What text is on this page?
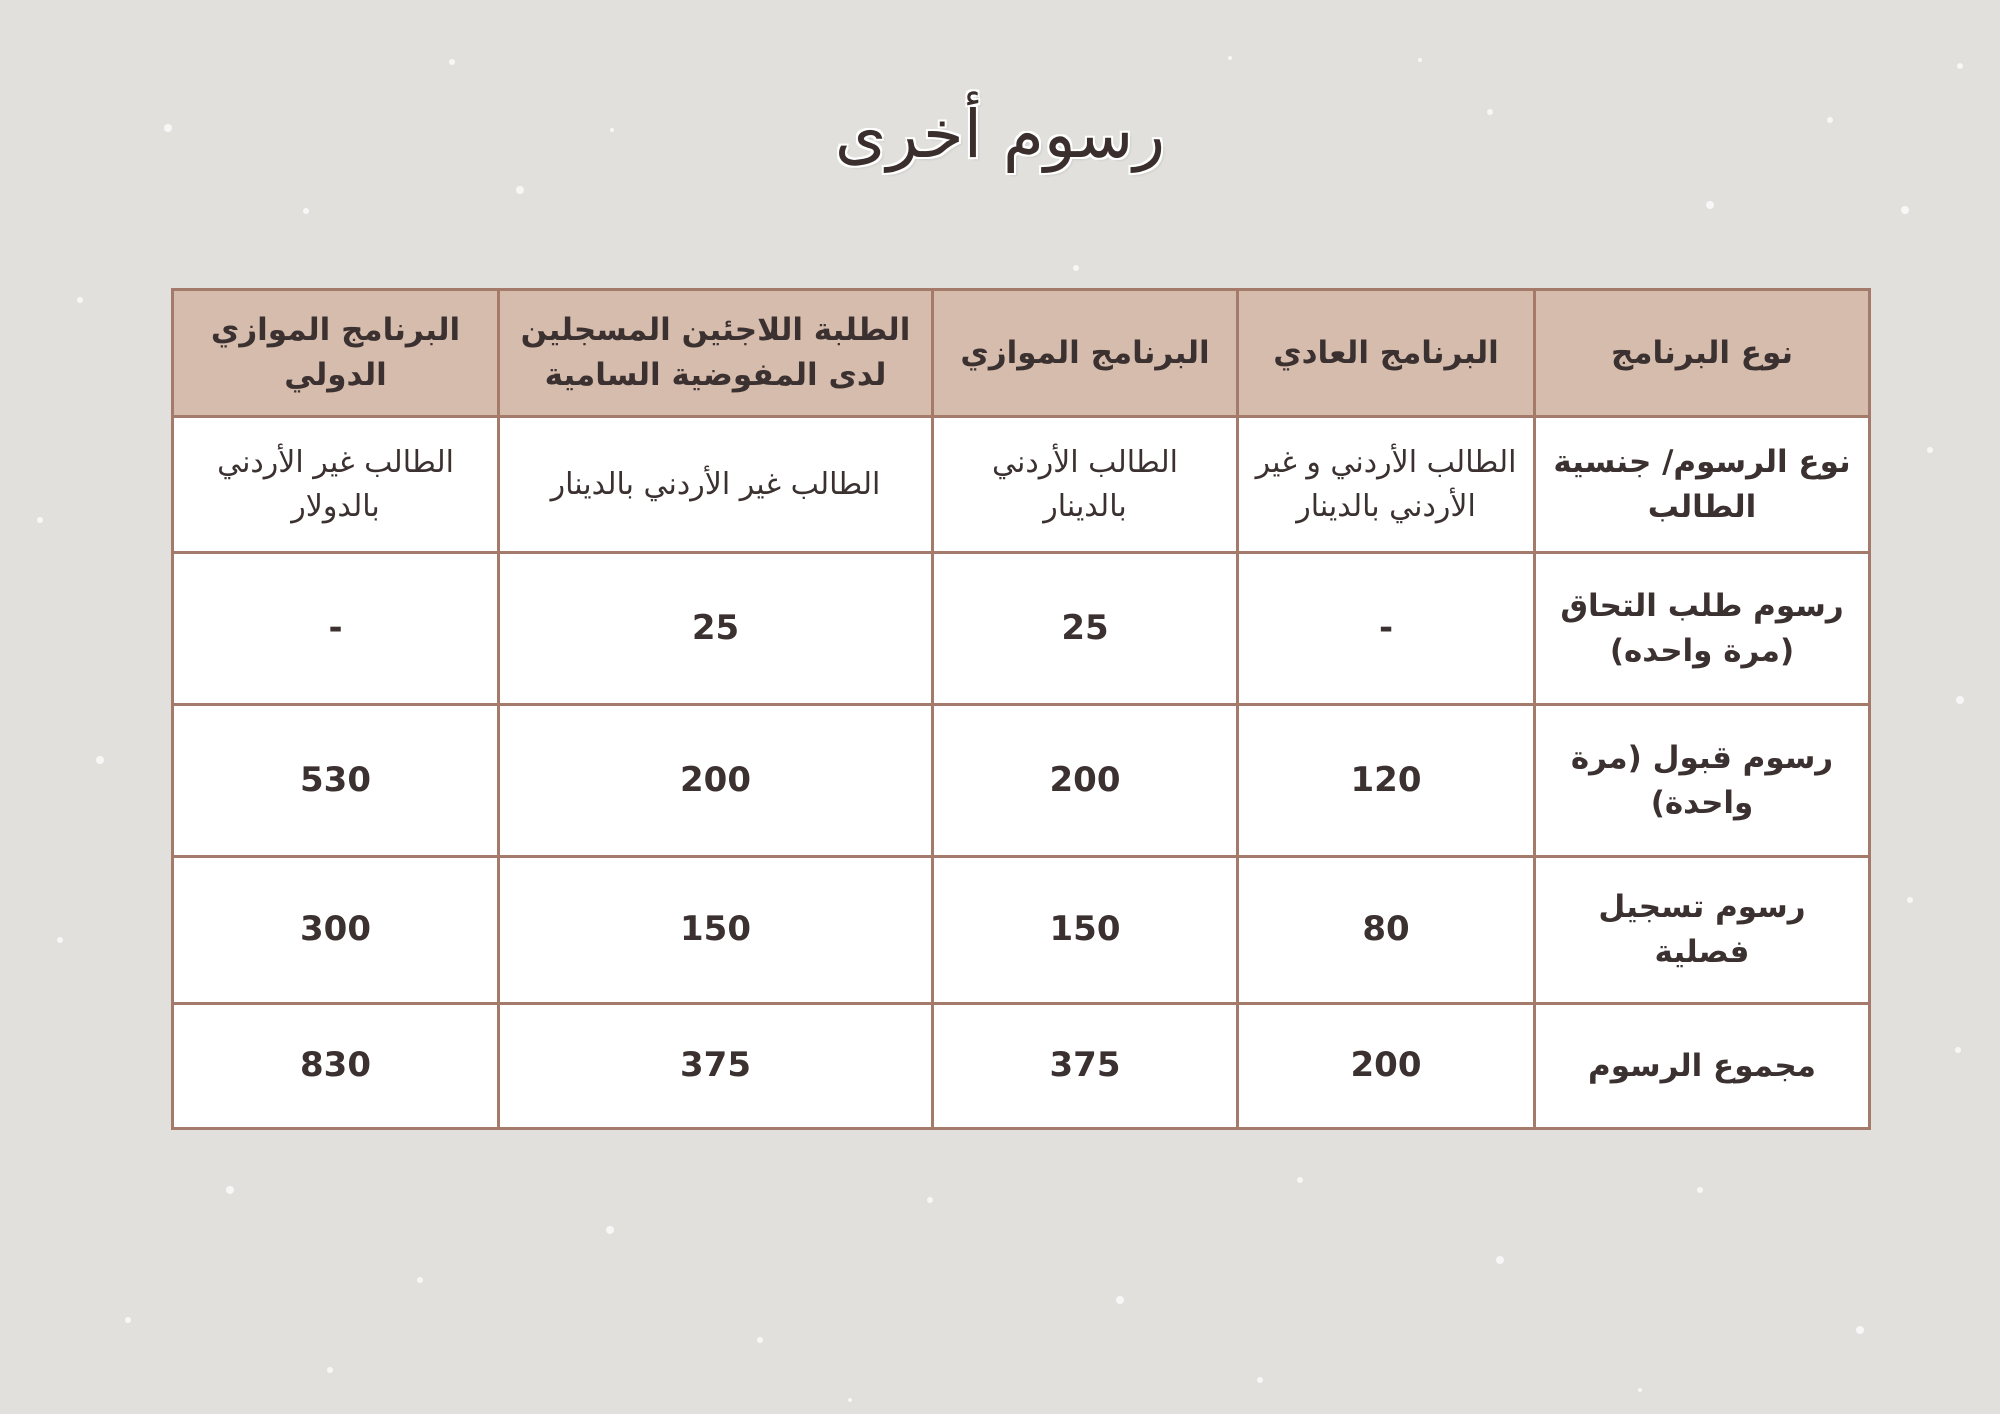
رسوم أخرى
نوع البرنامج	البرنامج العادي	البرنامج الموازي	الطلبة اللاجئين المسجلين لدى المفوضية السامية	البرنامج الموازي الدولي
نوع الرسوم/ جنسية الطالب	الطالب الأردني و غير الأردني بالدينار	الطالب الأردني بالدينار	الطالب غير الأردني بالدينار	الطالب غير الأردني بالدولار
رسوم طلب التحاق (مرة واحده)	-	25	25	-
رسوم قبول (مرة واحدة)	120	200	200	530
رسوم تسجيل فصلية	80	150	150	300
مجموع الرسوم	200	375	375	830
